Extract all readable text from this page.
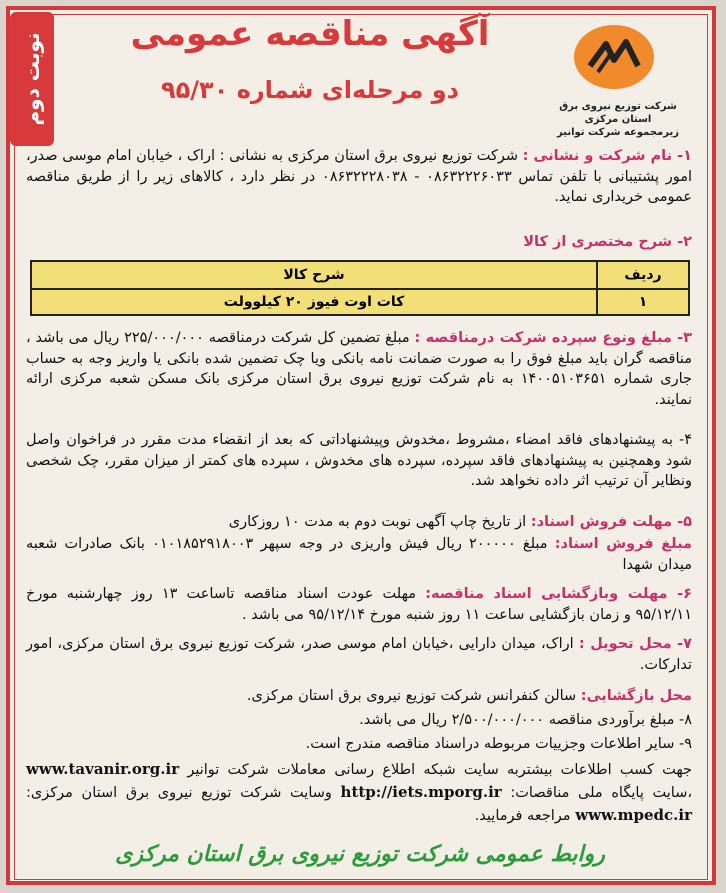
نوبت دوم	شرکت توزیع نیروی برق استان مرکزی
زیرمجموعه شرکت توانیر
آگهی مناقصه عمومی
دو مرحله‌ای شماره ۹۵/۳۰
۱- نام شرکت و نشانی : شرکت توزیع نیروی برق استان مرکزی به نشانی : اراک ، خیابان امام موسی صدر، امور پشتیبانی با تلفن تماس ۰۸۶۳۲۲۲۶۰۳۳ - ۰۸۶۳۲۲۲۸۰۳۸ در نظر دارد ، کالاهای زیر را از طریق مناقصه عمومی خریداری نماید.
۲- شرح مختصری از کالا
ردیف
شرح کالا
۱
کات اوت فیوز ۲۰ کیلوولت
۳- مبلغ ونوع سپرده شرکت درمناقصه : مبلغ تضمین کل شرکت درمناقصه ۲۲۵/۰۰۰/۰۰۰ ریال می باشد ، مناقصه گران باید مبلغ فوق را به صورت ضمانت نامه بانکی ویا چک تضمین شده بانکی یا واریز وجه به حساب جاری شماره ۱۴۰۰۵۱۰۳۶۵۱ به نام شرکت توزیع نیروی برق استان مرکزی بانک مسکن شعبه مرکزی ارائه نمایند.
۴- به پیشنهادهای فاقد امضاء ،مشروط ،مخدوش وپیشنهاداتی که بعد از انقضاء مدت مقرر در فراخوان واصل شود وهمچنین به پیشنهادهای فاقد سپرده، سپرده های مخدوش ، سپرده های کمتر از میزان مقرر، چک شخصی ونظایر آن ترتیب اثر داده نخواهد شد.
۵- مهلت فروش اسناد: از تاریخ چاپ آگهی نوبت دوم به مدت ۱۰ روزکاری
مبلغ فروش اسناد: مبلغ ۲۰۰۰۰۰ ریال فیش واریزی در وجه سپهر ۰۱۰۱۸۵۲۹۱۸۰۰۳ بانک صادرات شعبه میدان شهدا
۶- مهلت وبازگشایی اسناد مناقصه: مهلت عودت اسناد مناقصه تاساعت ۱۳ روز چهارشنبه مورخ ۹۵/۱۲/۱۱ و زمان بازگشایی ساعت ۱۱ روز شنبه مورخ ۹۵/۱۲/۱۴ می باشد .
۷- محل تحویل : اراک، میدان دارایی ،خیابان امام موسی صدر، شرکت توزیع نیروی برق استان مرکزی، امور تدارکات.
محل بازگشایی: سالن کنفرانس شرکت توزیع نیروی برق استان مرکزی.
۸- مبلغ برآوردی مناقصه ۲/۵۰۰/۰۰۰/۰۰۰ ریال می باشد.
۹- سایر اطلاعات وجزییات مربوطه دراسناد مناقصه مندرج است.
جهت کسب اطلاعات بیشتربه سایت شبکه اطلاع رسانی معاملات شرکت توانیر www.tavanir.org.ir ،سایت پایگاه ملی مناقصات: http://iets.mporg.ir وسایت شرکت توزیع نیروی برق استان مرکزی: www.mpedc.ir مراجعه فرمایید.
روابط عمومی شرکت توزیع نیروی برق استان مرکزی
